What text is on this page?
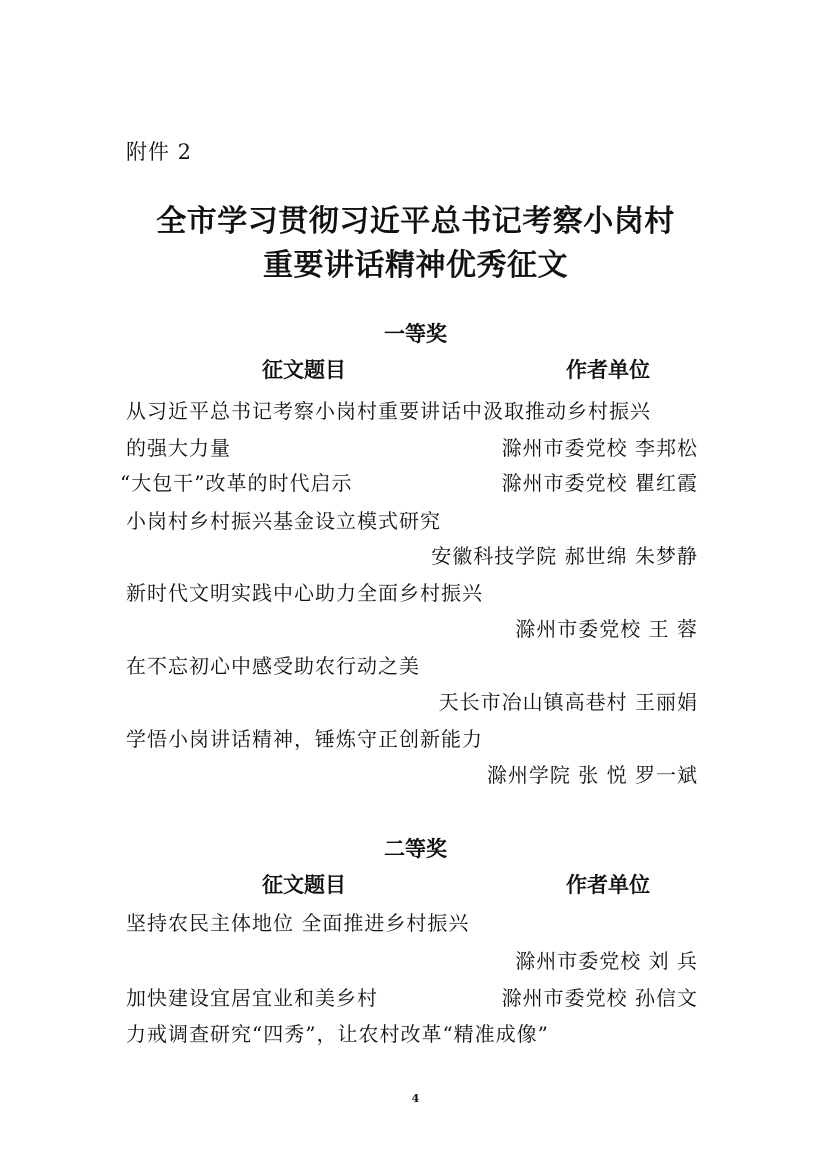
附件 2
全市学习贯彻习近平总书记考察小岗村
重要讲话精神优秀征文
一等奖
征文题目	作者单位
从习近平总书记考察小岗村重要讲话中汲取推动乡村振兴
的强大力量	滁州市委党校 李邦松
“大包干”改革的时代启示	滁州市委党校 瞿红霞
小岗村乡村振兴基金设立模式研究
安徽科技学院 郝世绵 朱梦静
新时代文明实践中心助力全面乡村振兴
滁州市委党校 王 蓉
在不忘初心中感受助农行动之美
天长市冶山镇高巷村 王丽娟
学悟小岗讲话精神，锤炼守正创新能力
滁州学院 张 悦 罗一斌
二等奖
征文题目	作者单位
坚持农民主体地位 全面推进乡村振兴
滁州市委党校 刘 兵
加快建设宜居宜业和美乡村	滁州市委党校 孙信文
力戒调查研究“四秀”，让农村改革“精准成像”
4
